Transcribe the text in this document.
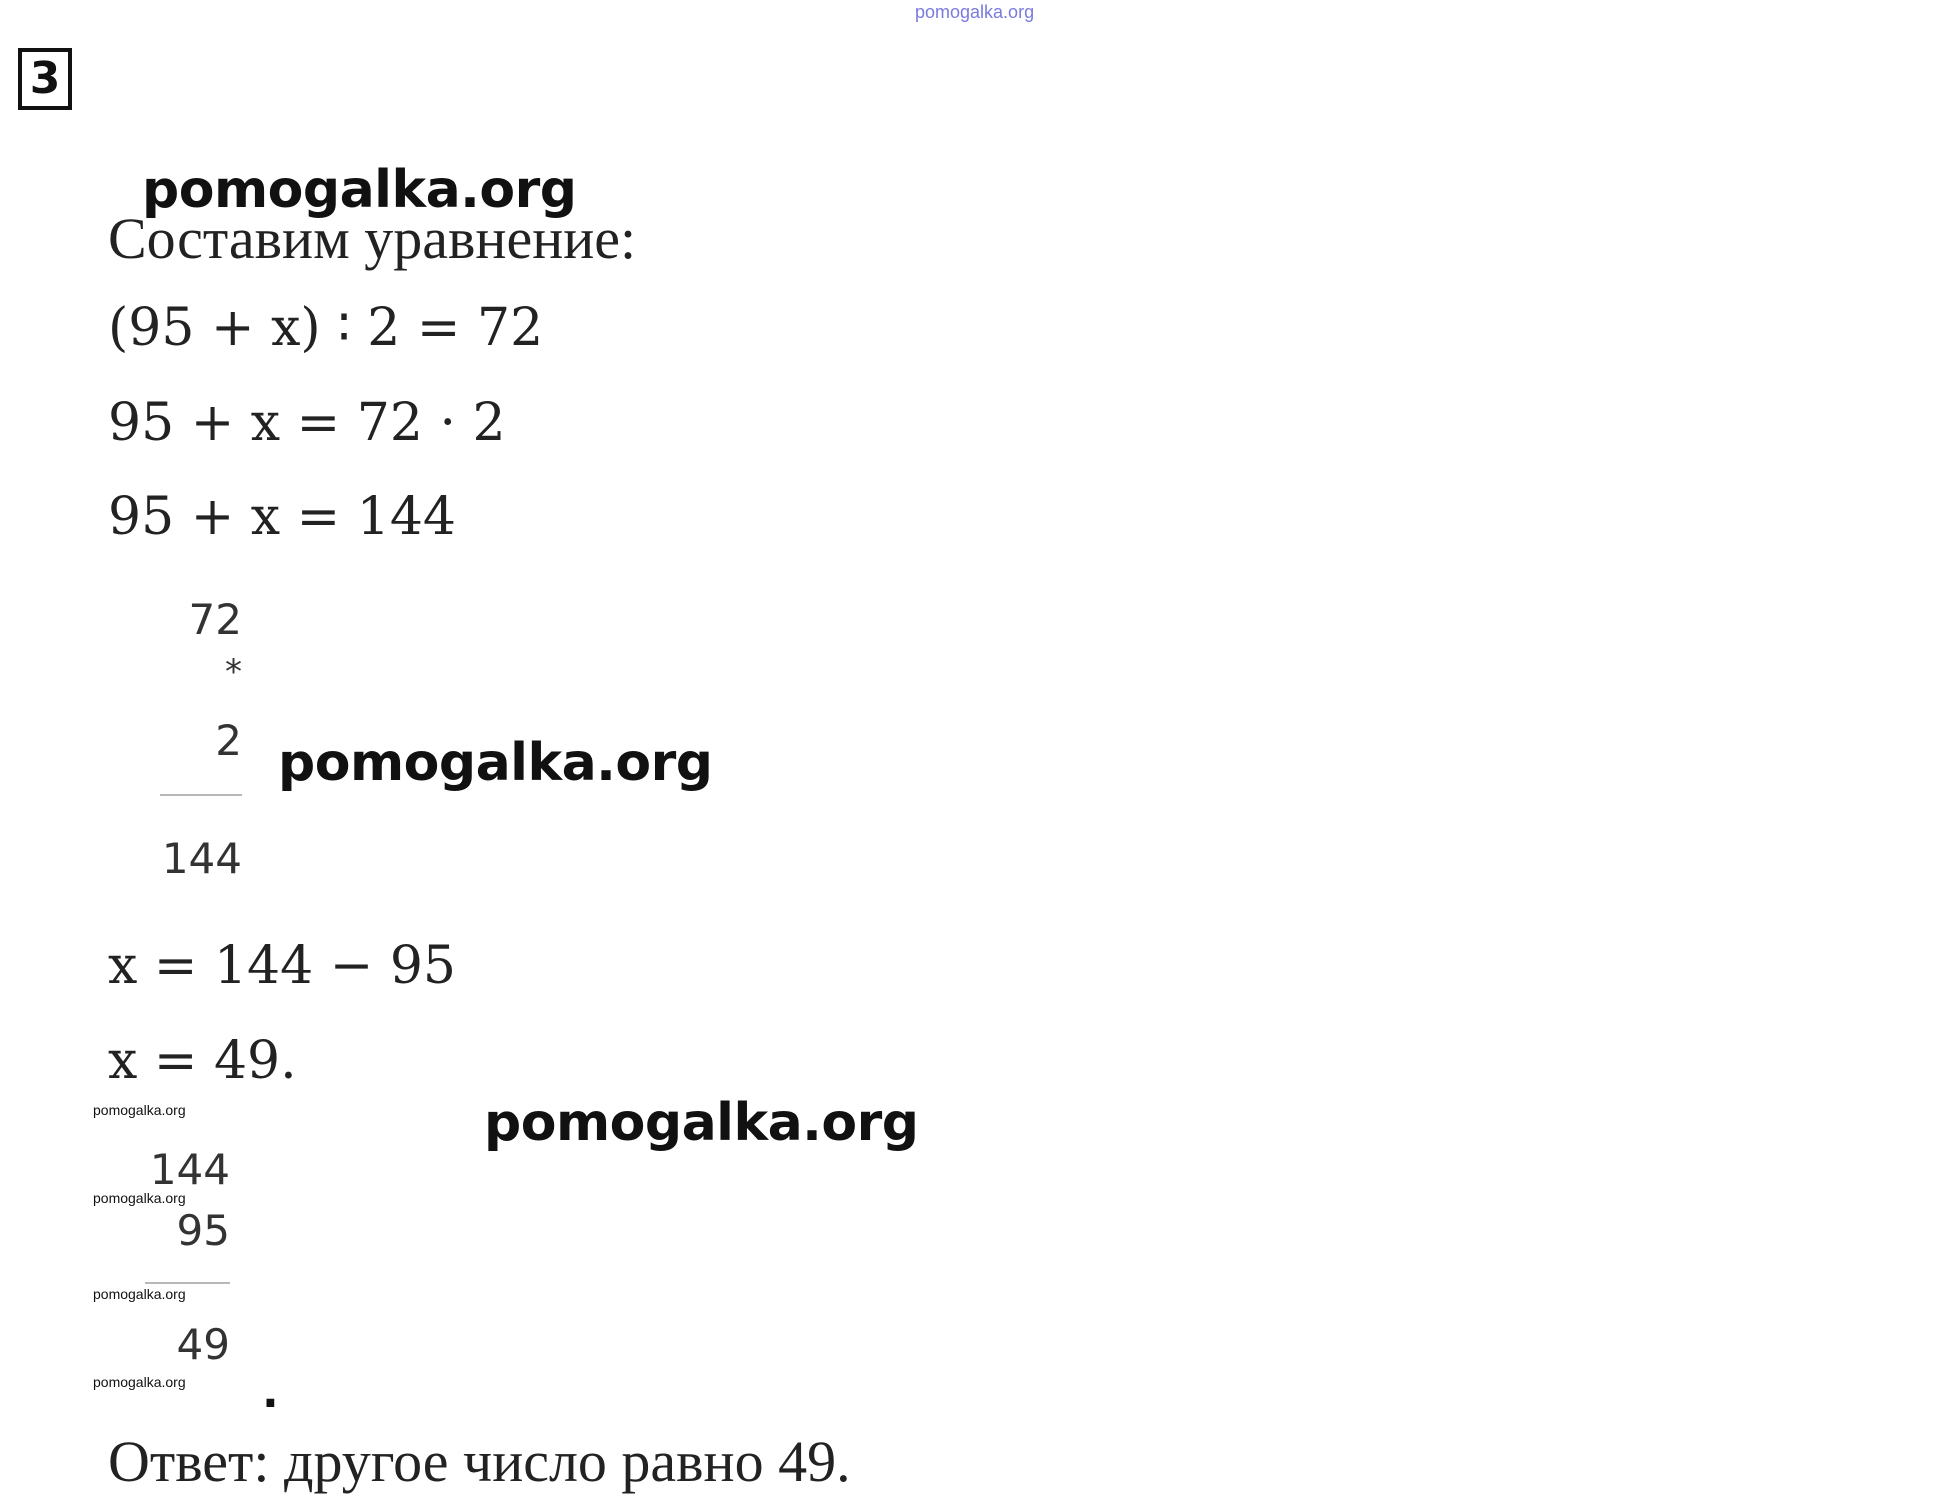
pomogalka.org
3
pomogalka.org
Составим уравнение:
(95 + x) ∶ 2 = 72
95 + x = 72 · 2
95 + x = 144
72
*
2
144
pomogalka.org
x = 144 − 95
x = 49.
pomogalka.org	pomogalka.org
144
pomogalka.org
95
pomogalka.org
49
pomogalka.org .
Ответ: другое число равно 49.
